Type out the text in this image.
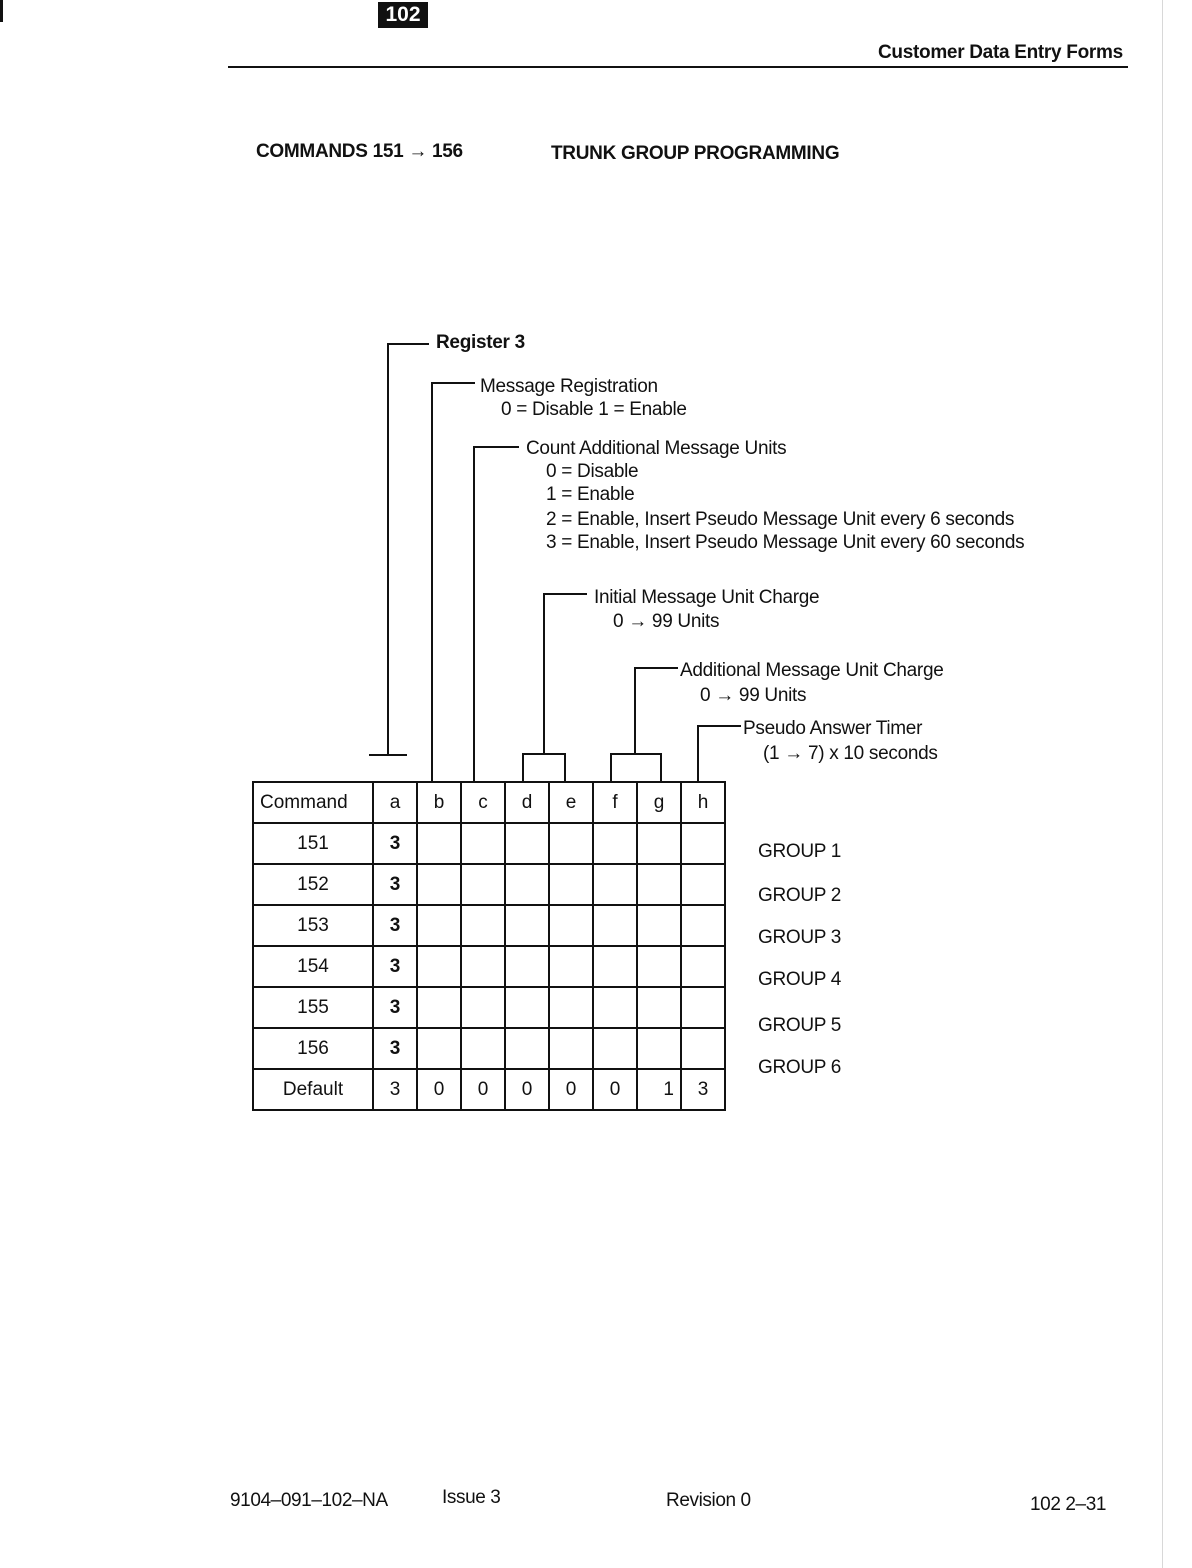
102
Customer Data Entry Forms
COMMANDS 151 → 156	TRUNK GROUP PROGRAMMING
Register 3
Message Registration
0 = Disable 1 = Enable
Count Additional Message Units
0 = Disable
1 = Enable
2 = Enable, Insert Pseudo Message Unit every 6 seconds
3 = Enable, Insert Pseudo Message Unit every 60 seconds
Initial Message Unit Charge
0 → 99 Units
Additional Message Unit Charge
0 → 99 Units
Pseudo Answer Timer
(1 → 7) x 10 seconds
Command	a	b	c	d	e	f	g	h
151	3							
152	3							
153	3							
154	3							
155	3							
156	3							
Default	3	0	0	0	0	0	1	3
GROUP 1
GROUP 2
GROUP 3
GROUP 4
GROUP 5
GROUP 6
9104–091–102–NA	Issue 3	Revision 0	102 2–31
